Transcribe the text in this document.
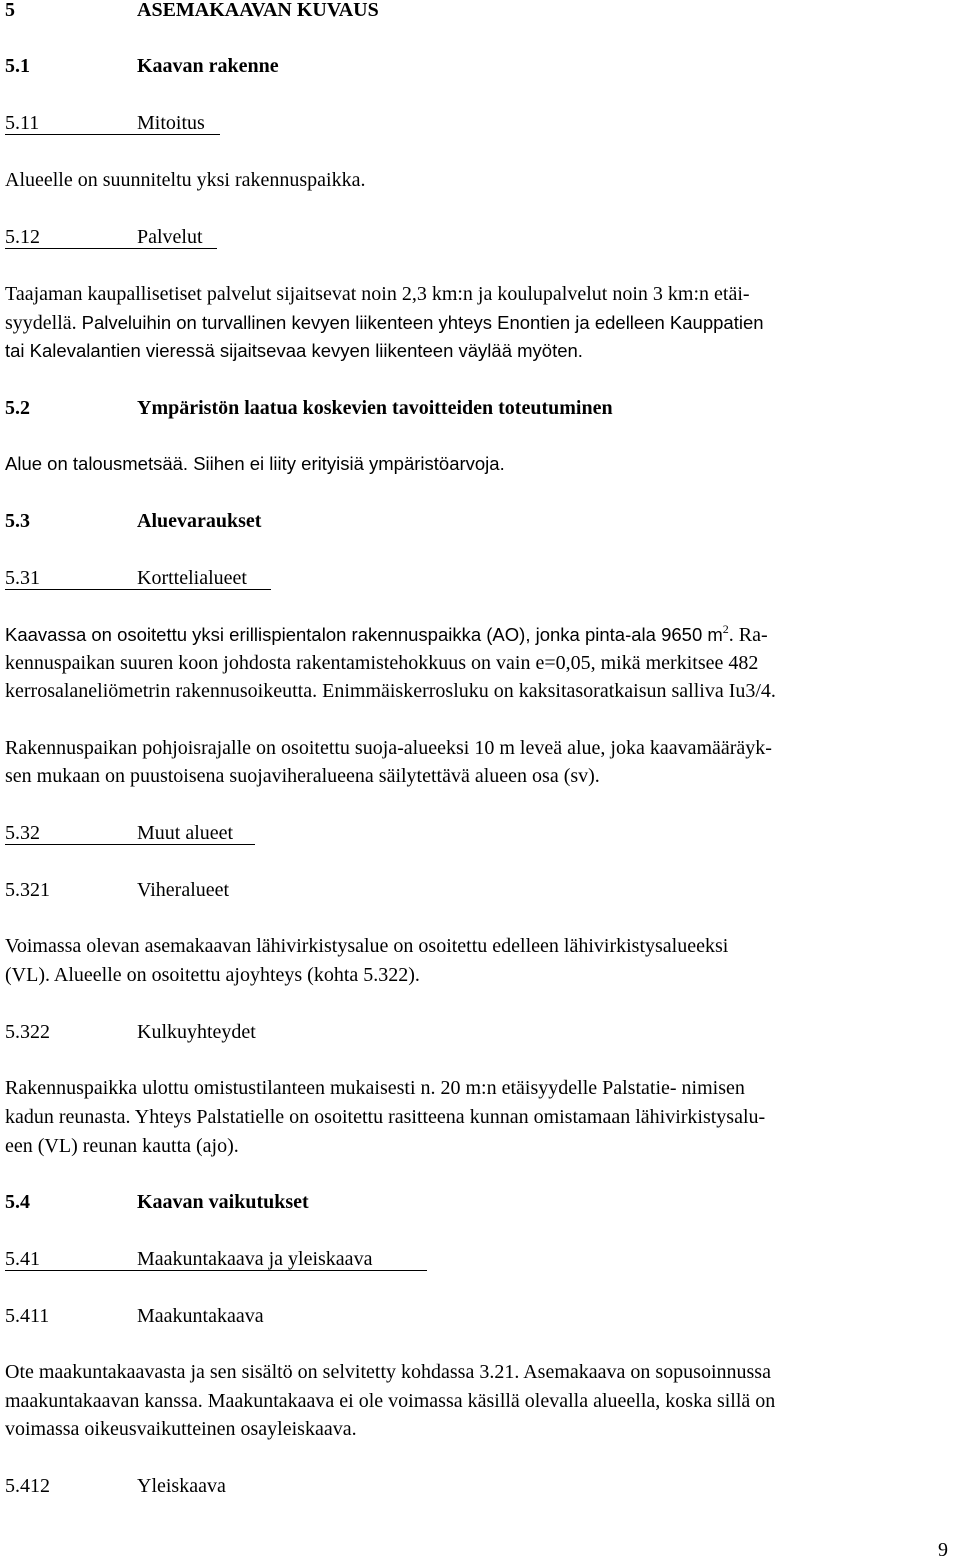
5	ASEMAKAAVAN KUVAUS
5.1	Kaavan rakenne
5.11	Mitoitus
Alueelle on suunniteltu yksi rakennuspaikka.
5.12	Palvelut
Taajaman kaupallisetiset palvelut sijaitsevat noin 2,3 km:n ja koulupalvelut noin 3 km:n etäi-
syydellä. Palveluihin on turvallinen kevyen liikenteen yhteys Enontien ja edelleen Kauppatien
tai Kalevalantien vieressä sijaitsevaa kevyen liikenteen väylää myöten.
5.2	Ympäristön laatua koskevien tavoitteiden toteutuminen
Alue on talousmetsää. Siihen ei liity erityisiä ympäristöarvoja.
5.3	Aluevaraukset
5.31	Korttelialueet
Kaavassa on osoitettu yksi erillispientalon rakennuspaikka (AO), jonka pinta-ala 9650 $m^2$. Ra-
kennuspaikan suuren koon johdosta rakentamistehokkuus on vain e=0,05, mikä merkitsee 482
kerrosalaneliömetrin rakennusoikeutta. Enimmäiskerrosluku on kaksitasoratkaisun salliva Iu3/4.
Rakennuspaikan pohjoisrajalle on osoitettu suoja-alueeksi 10 m leveä alue, joka kaavamääräyk-
sen mukaan on puustoisena suojaviheralueena säilytettävä alueen osa (sv).
5.32	Muut alueet
5.321	Viheralueet
Voimassa olevan asemakaavan lähivirkistysalue on osoitettu edelleen lähivirkistysalueeksi
(VL). Alueelle on osoitettu ajoyhteys (kohta 5.322).
5.322	Kulkuyhteydet
Rakennuspaikka ulottu omistustilanteen mukaisesti n. 20 m:n etäisyydelle Palstatie- nimisen
kadun reunasta. Yhteys Palstatielle on osoitettu rasitteena kunnan omistamaan lähivirkistysalu-
een (VL) reunan kautta (ajo).
5.4	Kaavan vaikutukset
5.41	Maakuntakaava ja yleiskaava
5.411	Maakuntakaava
Ote maakuntakaavasta ja sen sisältö on selvitetty kohdassa 3.21. Asemakaava on sopusoinnussa
maakuntakaavan kanssa. Maakuntakaava ei ole voimassa käsillä olevalla alueella, koska sillä on
voimassa oikeusvaikutteinen osayleiskaava.
5.412	Yleiskaava
9
